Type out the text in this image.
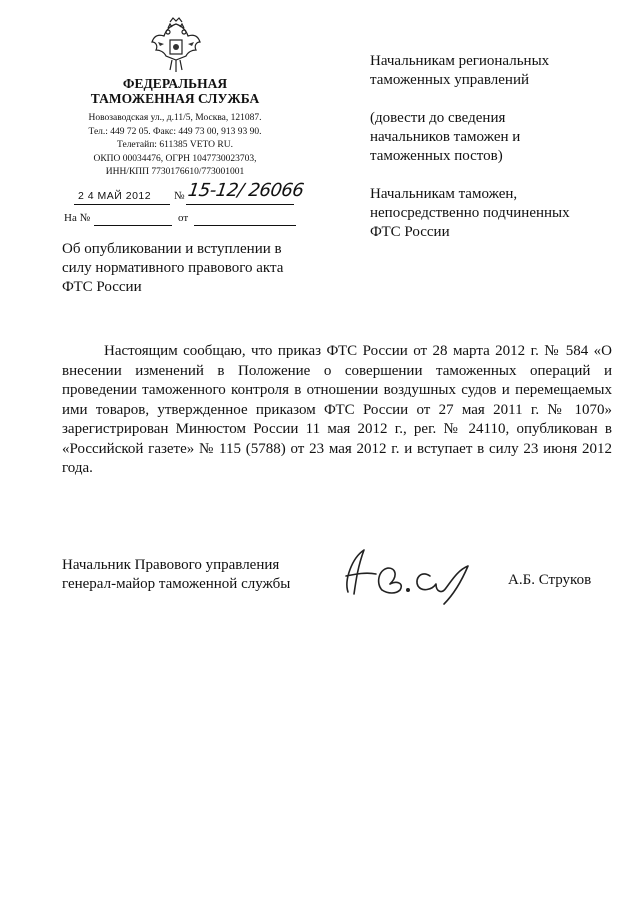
ФЕДЕРАЛЬНАЯ
ТАМОЖЕННАЯ СЛУЖБА
Новозаводская ул., д.11/5, Москва, 121087.
Тел.: 449 72 05. Факс: 449 73 00, 913 93 90.
Телетайп: 611385 VETO RU.
ОКПО 00034476, ОГРН 1047730023703,
ИНН/КПП 7730176610/773001001
2 4 МАЙ 2012 № 15-12/ 26066
На №	от
Об опубликовании и вступлении в
силу нормативного правового акта
ФТС России

Начальникам региональных
таможенных управлений

(довести до сведения
начальников таможен и
таможенных постов)

Начальникам таможен,
непосредственно подчиненных
ФТС России

Настоящим сообщаю, что приказ ФТС России от 28 марта 2012 г. № 584 «О внесении изменений в Положение о совершении таможенных операций и проведении таможенного контроля в отношении воздушных судов и перемещаемых ими товаров, утвержденное приказом ФТС России от 27 мая 2011 г. № 1070» зарегистрирован Минюстом России 11 мая 2012 г., рег. № 24110, опубликован в «Российской газете» № 115 (5788) от 23 мая 2012 г. и вступает в силу 23 июня 2012 года.
Начальник Правового управления
генерал-майор таможенной службы	А.Б. Струков
